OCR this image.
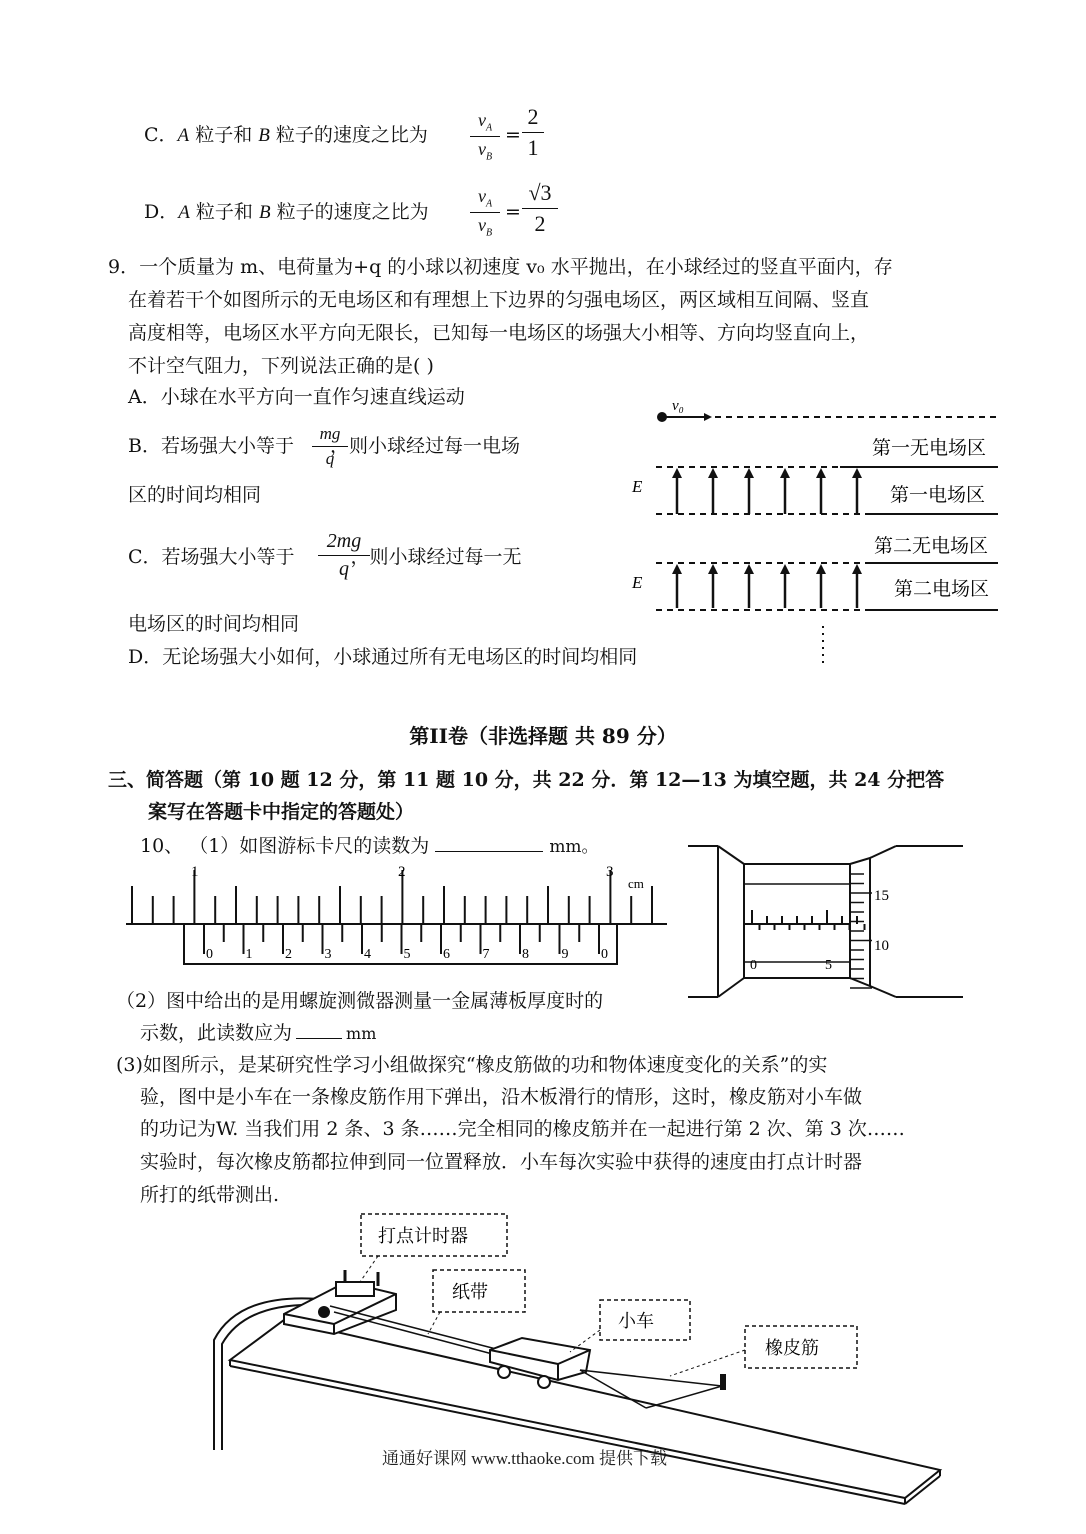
C．A 粒子和 B 粒子的速度之比为
$v_A$
$v_B$
=
2
1
D．A 粒子和 B 粒子的速度之比为
$v_A$
$v_B$
=
√3
2
9．一个质量为 m、电荷量为+q 的小球以初速度 v₀ 水平抛出，在小球经过的竖直平面内，存
在着若干个如图所示的无电场区和有理想上下边界的匀强电场区，两区域相互间隔、竖直
高度相等，电场区水平方向无限长，已知每一电场区的场强大小相等、方向均竖直向上，
不计空气阻力，下列说法正确的是( )
A．小球在水平方向一直作匀速直线运动
B．若场强大小等于 ，则小球经过每一电场
mg
q
区的时间均相同
C．若场强大小等于	，则小球经过每一无
2mg
q
电场区的时间均相同
D．无论场强大小如何，小球通过所有无电场区的时间均相同
v₀
第一无电场区
E	第一电场区
第二无电场区
E	第二电场区
第II卷（非选择题 共 89 分）
三、简答题（第 10 题 12 分，第 11 题 10 分，共 22 分．第 12—13 为填空题，共 24 分把答
案写在答题卡中指定的答题处）
10、 （1）如图游标卡尺的读数为	mm。
1	2	3
cm
0 1 2 3 4 5 6 7 8 9 0
0	5
15
10
（2）图中给出的是用螺旋测微器测量一金属薄板厚度时的
示数，此读数应为	mm
(3)如图所示，是某研究性学习小组做探究“橡皮筋做的功和物体速度变化的关系”的实
验，图中是小车在一条橡皮筋作用下弹出，沿木板滑行的情形，这时，橡皮筋对小车做
的功记为W. 当我们用 2 条、3 条……完全相同的橡皮筋并在一起进行第 2 次、第 3 次……
实验时，每次橡皮筋都拉伸到同一位置释放．小车每次实验中获得的速度由打点计时器
所打的纸带测出.
打点计时器
纸带
小车
橡皮筋
通通好课网 www.tthaoke.com 提供下载
